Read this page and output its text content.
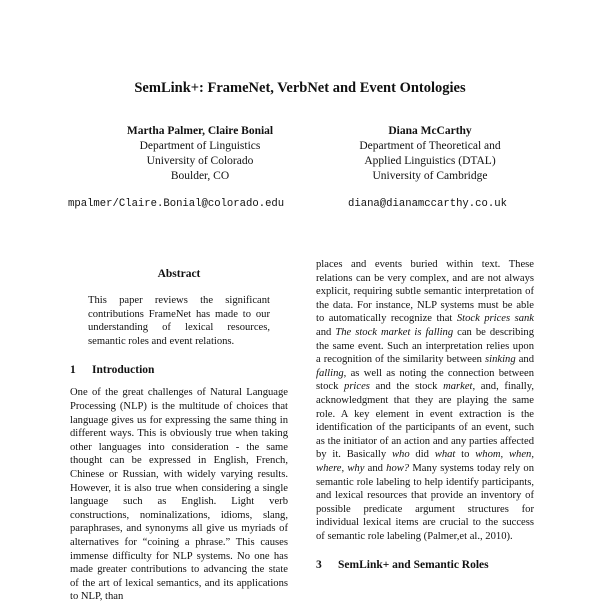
SemLink+: FrameNet, VerbNet and Event Ontologies
Martha Palmer, Claire Bonial
Department of Linguistics
University of Colorado
Boulder, CO
Diana McCarthy
Department of Theoretical and
Applied Linguistics (DTAL)
University of Cambridge
mpalmer/Claire.Bonial@colorado.edu	diana@dianamccarthy.co.uk
Abstract
This paper reviews the significant contributions FrameNet has made to our understanding of lexical resources, semantic roles and event relations.
1 Introduction
One of the great challenges of Natural Language Processing (NLP) is the multitude of choices that language gives us for expressing the same thing in different ways. This is obviously true when taking other languages into consideration - the same thought can be expressed in English, French, Chinese or Russian, with widely varying results. However, it is also true when considering a single language such as English. Light verb constructions, nominalizations, idioms, slang, paraphrases, and synonyms all give us myriads of alternatives for “coining a phrase.” This causes immense difficulty for NLP systems. No one has made greater contributions to advancing the state of the art of lexical semantics, and its applications to NLP, than
places and events buried within text. These relations can be very complex, and are not always explicit, requiring subtle semantic interpretation of the data. For instance, NLP systems must be able to automatically recognize that Stock prices sank and The stock market is falling can be describing the same event. Such an interpretation relies upon a recognition of the similarity between sinking and falling, as well as noting the connection between stock prices and the stock market, and, finally, acknowledgment that they are playing the same role. A key element in event extraction is the identification of the participants of an event, such as the initiator of an action and any parties affected by it. Basically who did what to whom, when, where, why and how? Many systems today rely on semantic role labeling to help identify participants, and lexical resources that provide an inventory of possible predicate argument structures for individual lexical items are crucial to the success of semantic role labeling (Palmer,et al., 2010).
3 SemLink+ and Semantic Roles
